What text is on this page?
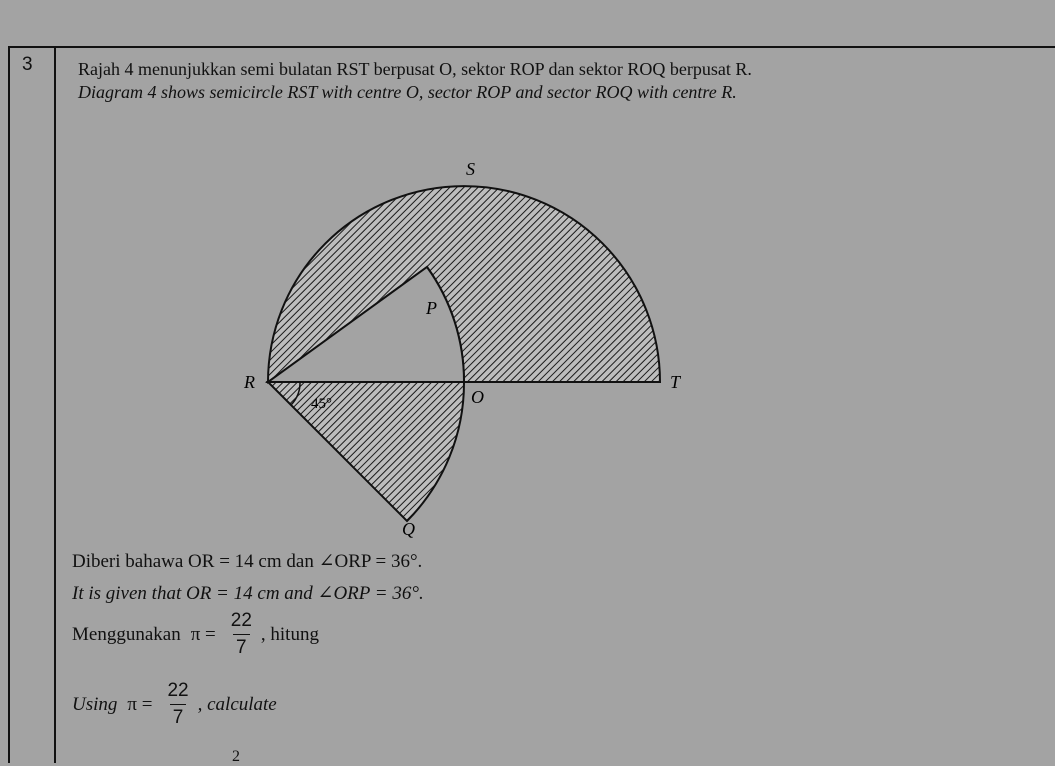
3	Rajah 4 menunjukkan semi bulatan RST berpusat O, sektor ROP dan sektor ROQ berpusat R.
Diagram 4 shows semicircle RST with centre O, sector ROP and sector ROQ with centre R.
S
P
R
O
T
Q
45°
Diberi bahawa OR = 14 cm dan ∠ORP = 36°.
It is given that OR = 14 cm and ∠ORP = 36°.
Menggunakan $\pi = \frac{22}{7}$ , hitung
Using $\pi = \frac{22}{7}$ , calculate
2
